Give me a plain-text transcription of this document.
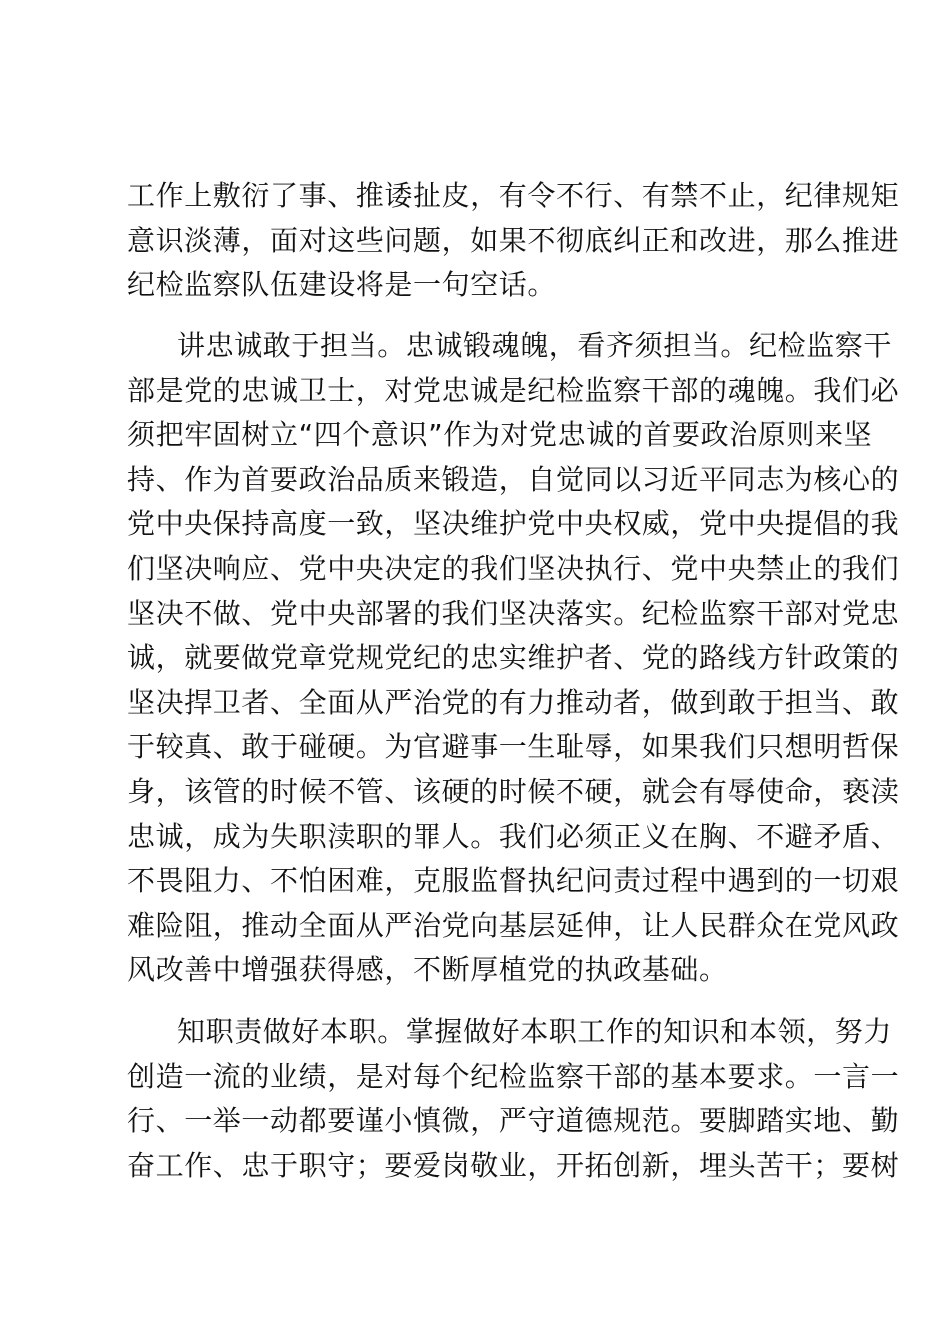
工作上敷衍了事、推诿扯皮，有令不行、有禁不止，纪律规矩
意识淡薄，面对这些问题，如果不彻底纠正和改进，那么推进
纪检监察队伍建设将是一句空话。
讲忠诚敢于担当。忠诚锻魂魄，看齐须担当。纪检监察干
部是党的忠诚卫士，对党忠诚是纪检监察干部的魂魄。我们必
须把牢固树立“四个意识”作为对党忠诚的首要政治原则来坚
持、作为首要政治品质来锻造，自觉同以习近平同志为核心的
党中央保持高度一致，坚决维护党中央权威，党中央提倡的我
们坚决响应、党中央决定的我们坚决执行、党中央禁止的我们
坚决不做、党中央部署的我们坚决落实。纪检监察干部对党忠
诚，就要做党章党规党纪的忠实维护者、党的路线方针政策的
坚决捍卫者、全面从严治党的有力推动者，做到敢于担当、敢
于较真、敢于碰硬。为官避事一生耻辱，如果我们只想明哲保
身，该管的时候不管、该硬的时候不硬，就会有辱使命，亵渎
忠诚，成为失职渎职的罪人。我们必须正义在胸、不避矛盾、
不畏阻力、不怕困难，克服监督执纪问责过程中遇到的一切艰
难险阻，推动全面从严治党向基层延伸，让人民群众在党风政
风改善中增强获得感，不断厚植党的执政基础。
知职责做好本职。掌握做好本职工作的知识和本领，努力
创造一流的业绩，是对每个纪检监察干部的基本要求。一言一
行、一举一动都要谨小慎微，严守道德规范。要脚踏实地、勤
奋工作、忠于职守；要爱岗敬业，开拓创新，埋头苦干；要树
